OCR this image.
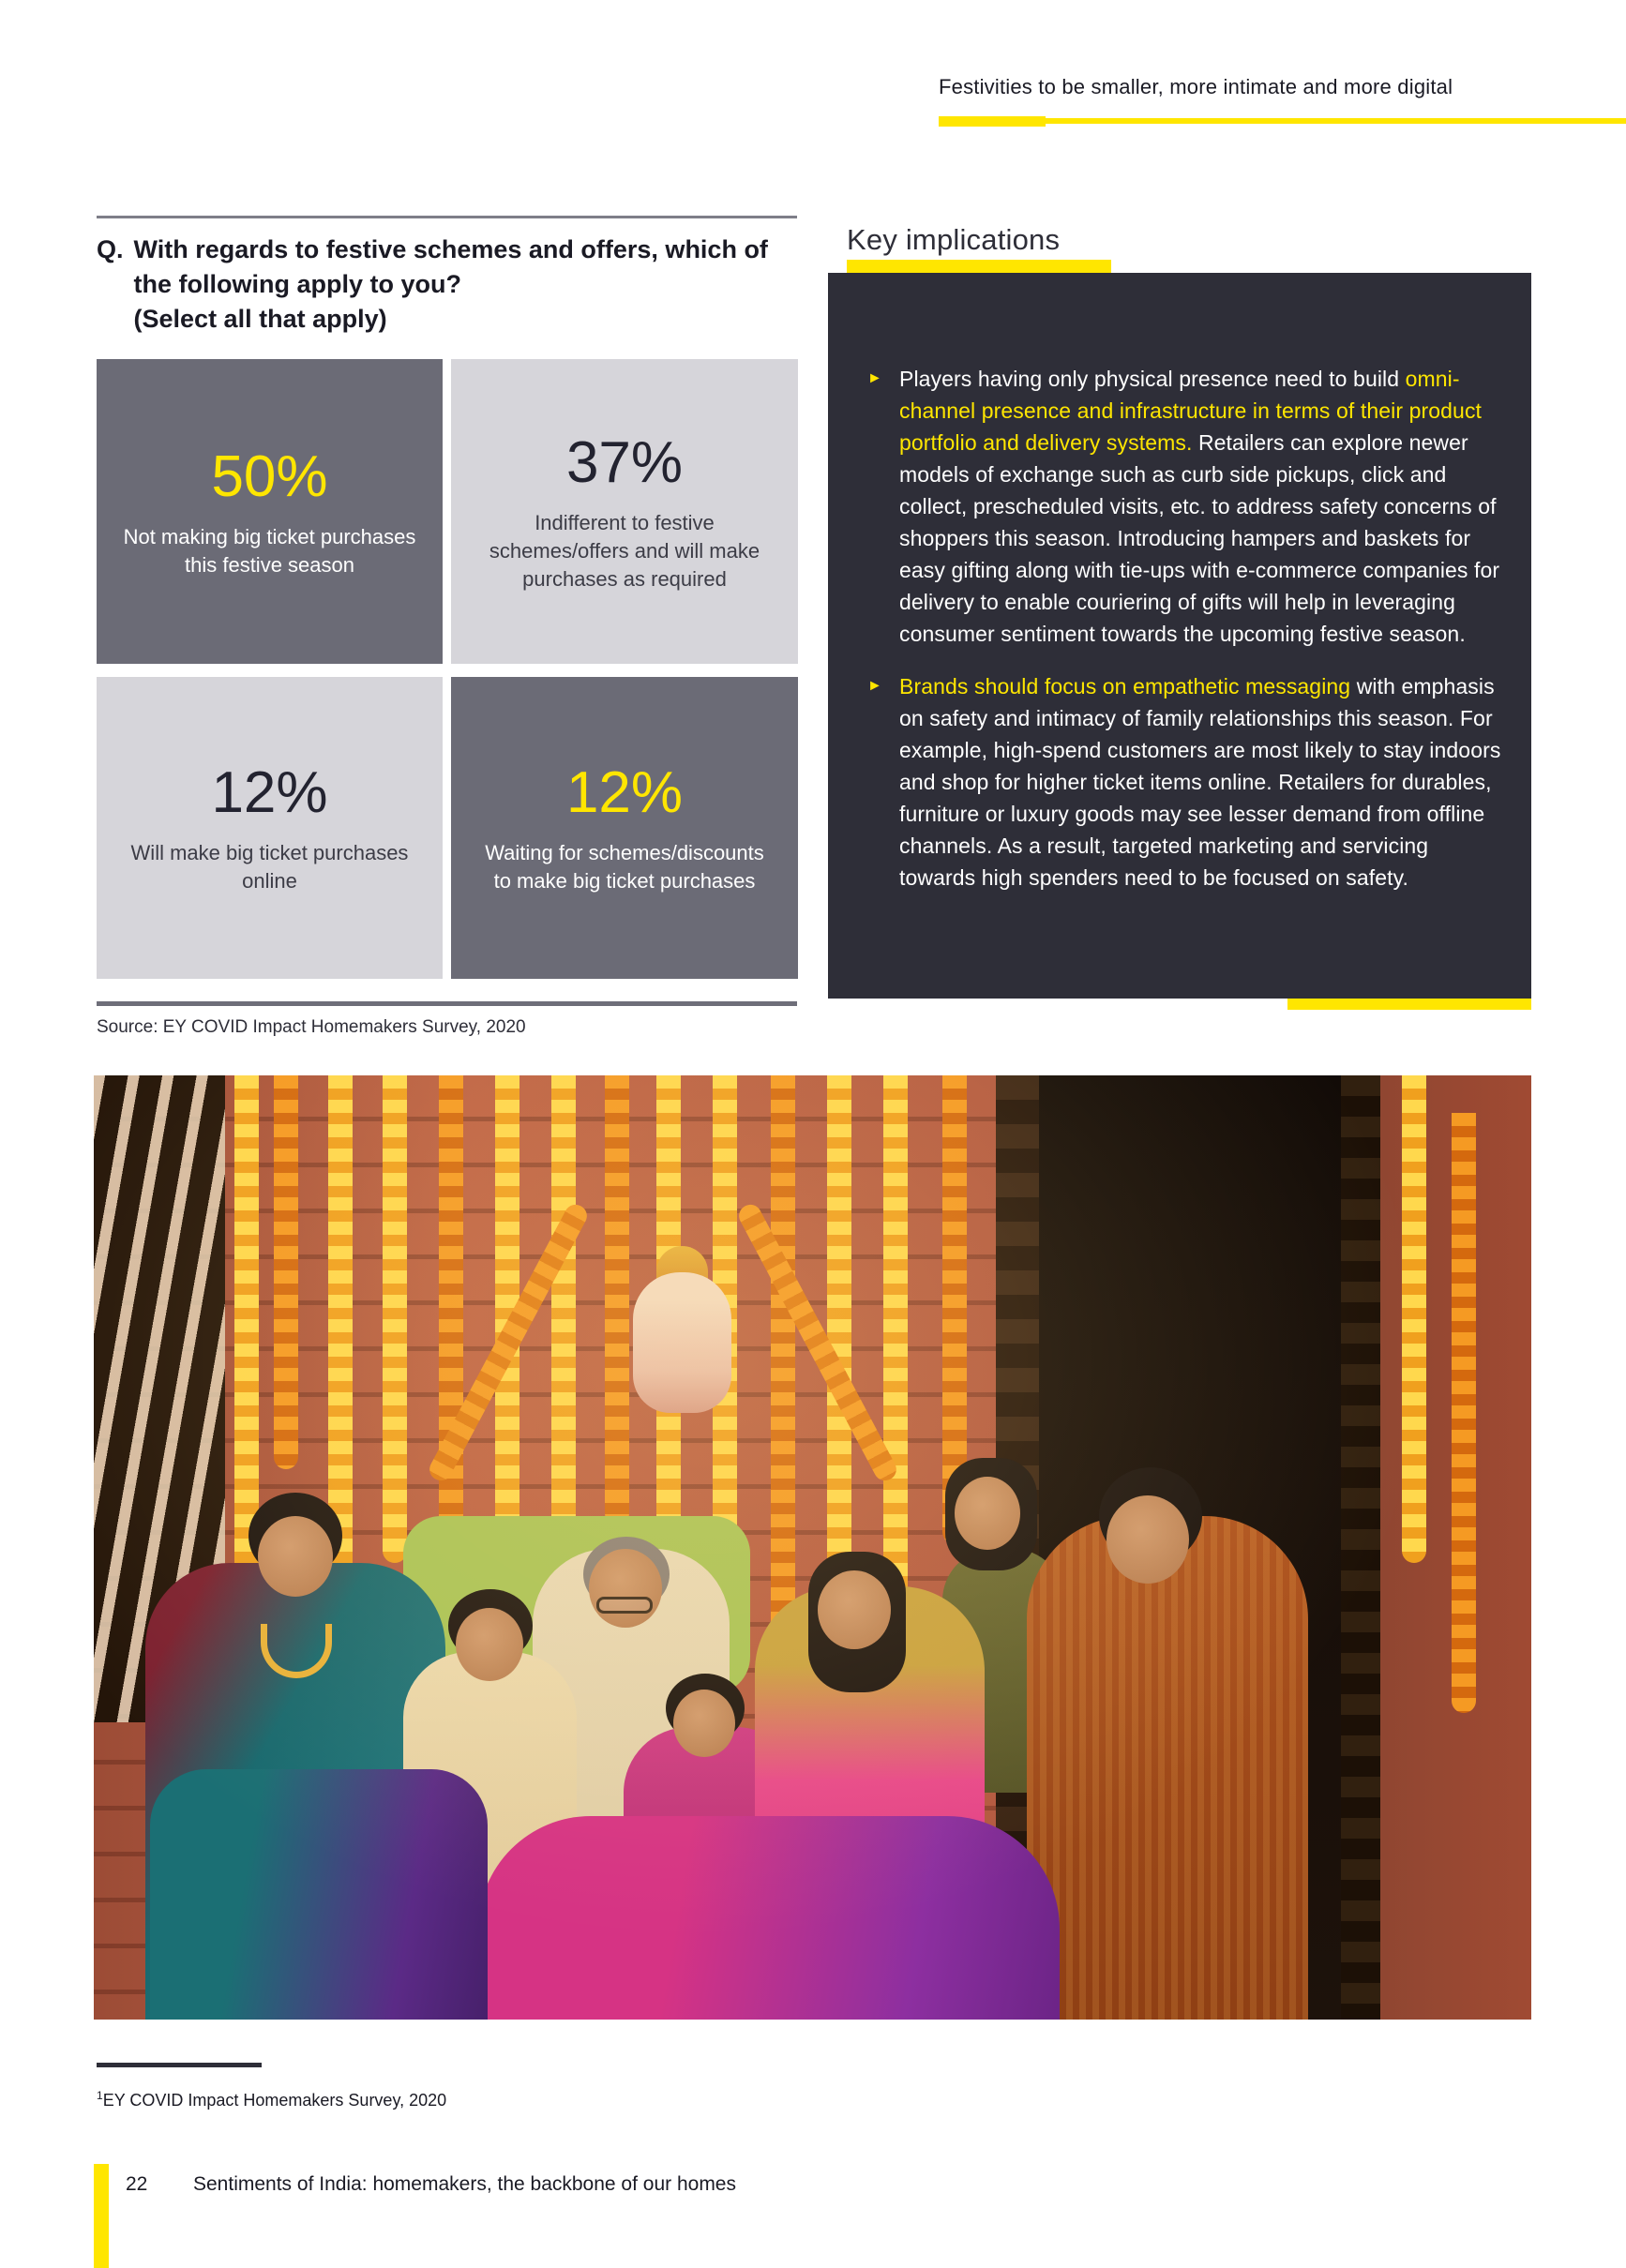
Festivities to be smaller, more intimate and more digital
Q. With regards to festive schemes and offers, which of the following apply to you?
(Select all that apply)
50%
Not making big ticket purchases this festive season
37%
Indifferent to festive schemes/offers and will make purchases as required
12%
Will make big ticket purchases online
12%
Waiting for schemes/discounts to make big ticket purchases
Source: EY COVID Impact Homemakers Survey, 2020
Key implications
► Players having only physical presence need to build omni-channel presence and infrastructure in terms of their product portfolio and delivery systems. Retailers can explore newer models of exchange such as curb side pickups, click and collect, prescheduled visits, etc. to address safety concerns of shoppers this season. Introducing hampers and baskets for easy gifting along with tie-ups with e-commerce companies for delivery to enable couriering of gifts will help in leveraging consumer sentiment towards the upcoming festive season.
► Brands should focus on empathetic messaging with emphasis on safety and intimacy of family relationships this season. For example, high-spend customers are most likely to stay indoors and shop for higher ticket items online. Retailers for durables, furniture or luxury goods may see lesser demand from offline channels. As a result, targeted marketing and servicing towards high spenders need to be focused on safety.
$^1$EY COVID Impact Homemakers Survey, 2020
22 Sentiments of India: homemakers, the backbone of our homes
